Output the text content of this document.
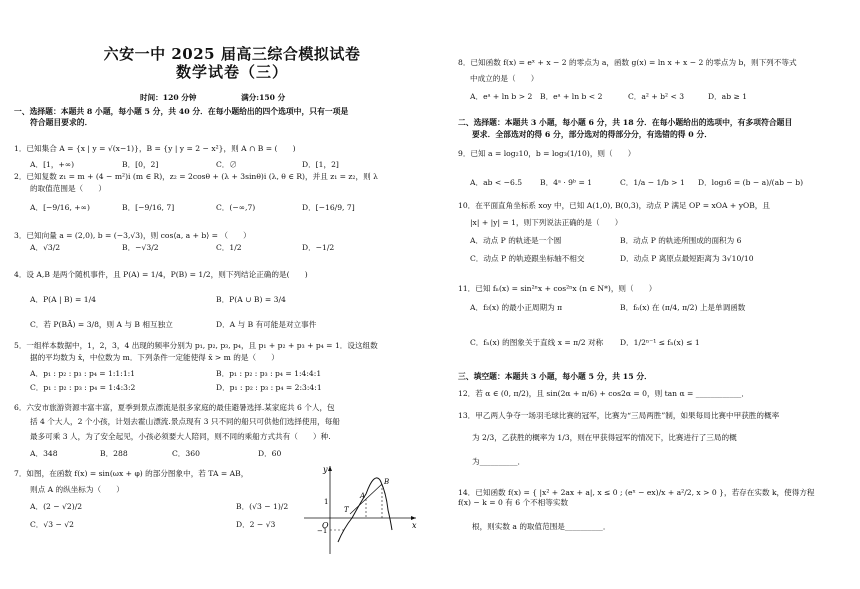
六安一中 2025 届高三综合模拟试卷
数学试卷（三）
时间：120 分钟	满分:150 分
一、选择题：本题共 8 小题，每小题 5 分，共 40 分．在每小题给出的四个选项中，只有一项是
符合题目要求的．
1．已知集合 A = {x | y = √(x−1)}，B = {y | y = 2 − x²}，则 A ∩ B = (　　)
A．[1，+∞)	B．[0，2]	C．∅	D．[1，2]
2．已知复数 z₁ = m + (4 − m²)i (m ∈ R)，z₂ = 2cosθ + (λ + 3sinθ)i (λ, θ ∈ R)，并且 z₁ = z₂，则 λ
的取值范围是（　　）
A．[−9/16, +∞)	B．[−9/16, 7]	C．(−∞,7)	D．[−16/9, 7]
3．已知向量 a = (2,0), b = (−3,√3)，则 cos⟨a, a + b⟩ = （　　）
A．√3/2	B．−√3/2	C．1/2	D．−1/2
4．设 A,B 是两个随机事件，且 P(A) = 1/4，P(B) = 1/2，则下列结论正确的是(　　)
A．P(A | B) = 1/4	B．P(A ∪ B) = 3/4
C．若 P(BĀ) = 3/8，则 A 与 B 相互独立	D．A 与 B 有可能是对立事件
5．一组样本数据中，1，2，3，4 出现的频率分别为 p₁, p₂, p₃, p₄，且 p₁ + p₂ + p₃ + p₄ = 1．设这组数
据的平均数为 x̄，中位数为 m．下列条件一定能使得 x̄ > m 的是（　　）
A．p₁ : p₂ : p₃ : p₄ = 1:1:1:1	B．p₁ : p₂ : p₃ : p₄ = 1:4:4:1
C．p₁ : p₂ : p₃ : p₄ = 1:4:3:2	D．p₁ : p₂ : p₃ : p₄ = 2:3:4:1
6．六安市旅游资源丰富丰富，夏季到景点漂流是很多家庭的最佳避暑选择.某家庭共 6 个人，包
括 4 个大人，2 个小孩，计划去霍山漂流.景点现有 3 只不同的船只可供他们选择使用，每船
最多可乘 3 人，为了安全起见，小孩必须要大人陪同，则不同的乘船方式共有（　　）种.
A．348	B．288	C．360	D．60
7．如图，在函数 f(x) = sin(ωx + φ) 的部分图象中，若 TA = AB，
则点 A 的纵坐标为（　　）
A．(2 − √2)/2	B．(√3 − 1)/2
C．√3 − √2	D．2 − √3
y
x
O
T
A
B
1
−1
8．已知函数 f(x) = eˣ + x − 2 的零点为 a，函数 g(x) = ln x + x − 2 的零点为 b，则下列不等式
中成立的是（　　）
A．eᵃ + ln b > 2 B．eᵃ + ln b < 2	C．a² + b² < 3	D．ab ≥ 1
二、选择题：本题共 3 小题，每小题 6 分，共 18 分．在每小题给出的选项中，有多项符合题目
要求．全部选对的得 6 分，部分选对的得部分分，有选错的得 0 分．
9．已知 a = log₂10，b = log₃(1/10)，则（　　）
A．ab < −6.5 B．4ᵃ · 9ᵇ = 1	C．1/a − 1/b > 1 D．log₃6 = (b − a)/(ab − b)
10．在平面直角坐标系 xoy 中，已知 A(1,0), B(0,3)，动点 P 满足 OP = xOA + yOB，且
|x| + |y| = 1，则下列说法正确的是（　　）
A．动点 P 的轨迹是一个圆	B．动点 P 的轨迹所围成的面积为 6
C．动点 P 的轨迹跟坐标轴不相交	D．动点 P 离原点最短距离为 3√10/10
11．已知 fₙ(x) = sin²ⁿx + cos²ⁿx (n ∈ N*)，则（　　）
A．f₂(x) 的最小正周期为 π	B．fₙ(x) 在 (π/4, π/2) 上是单调函数
C．fₙ(x) 的图象关于直线 x = π/2 对称 D．1/2ⁿ⁻¹ ≤ fₙ(x) ≤ 1
三、填空题：本题共 3 小题，每小题 5 分，共 15 分．
12．若 α ∈ (0, π/2)，且 sin(2α + π/6) + cos2α = 0，则 tan α = ____________．
13．甲乙两人争夺一场羽毛球比赛的冠军，比赛为“三局两胜”制，如果每局比赛中甲获胜的概率
为 2/3，乙获胜的概率为 1/3，则在甲获得冠军的情况下，比赛进行了三局的概
为__________．
14．已知函数 f(x) = { |x² + 2ax + a|, x ≤ 0 ; (eˣ − ex)/x + a²/2, x > 0 }，若存在实数 k，使得方程 f(x) − k = 0 有 6 个不相等实数
根，则实数 a 的取值范围是__________．
